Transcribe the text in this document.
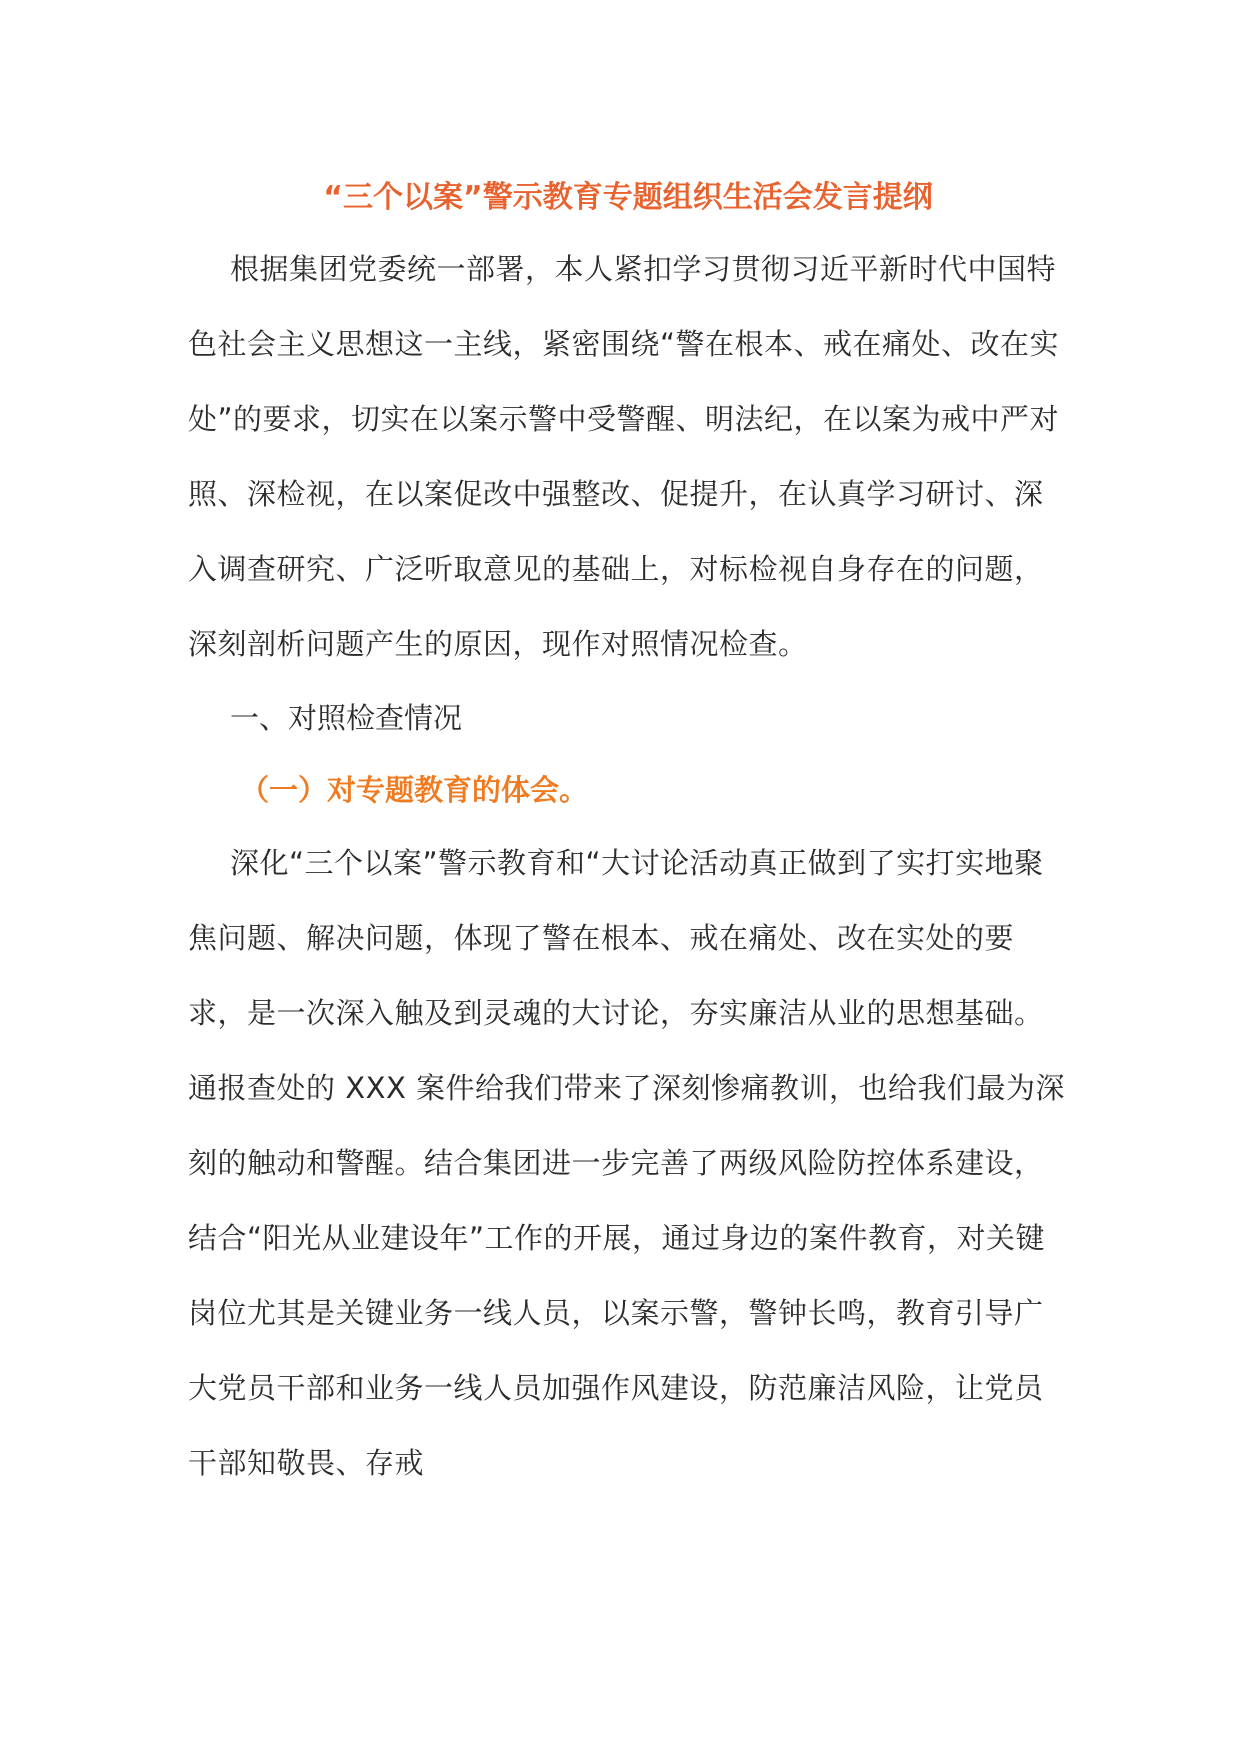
“三个以案”警示教育专题组织生活会发言提纲

根据集团党委统一部署，本人紧扣学习贯彻习近平新时代中国特色社会主义思想这一主线，紧密围绕“警在根本、戒在痛处、改在实处”的要求，切实在以案示警中受警醒、明法纪，在以案为戒中严对照、深检视，在以案促改中强整改、促提升，在认真学习研讨、深入调查研究、广泛听取意见的基础上，对标检视自身存在的问题，深刻剖析问题产生的原因，现作对照情况检查。

一、对照检查情况

（一）对专题教育的体会。

深化“三个以案”警示教育和“大讨论活动真正做到了实打实地聚焦问题、解决问题，体现了警在根本、戒在痛处、改在实处的要求，是一次深入触及到灵魂的大讨论，夯实廉洁从业的思想基础。通报查处的 XXX 案件给我们带来了深刻惨痛教训，也给我们最为深刻的触动和警醒。结合集团进一步完善了两级风险防控体系建设，结合“阳光从业建设年”工作的开展，通过身边的案件教育，对关键岗位尤其是关键业务一线人员，以案示警，警钟长鸣，教育引导广大党员干部和业务一线人员加强作风建设，防范廉洁风险，让党员干部知敬畏、存戒
